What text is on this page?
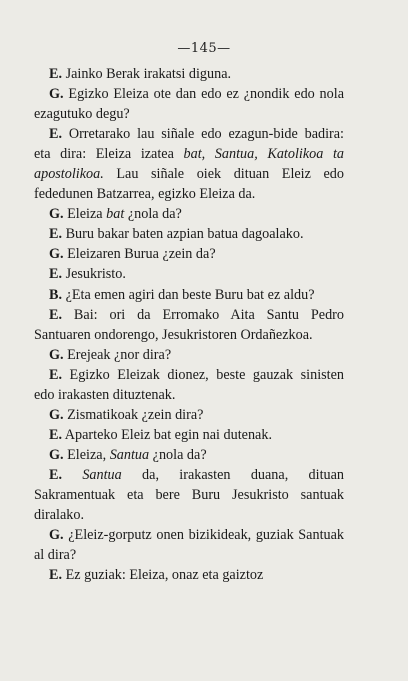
—145—

E. Jainko Berak irakatsi diguna.

G. Egizko Eleiza ote dan edo ez ¿nondik edo nola ezagutuko degu?

E. Orretarako lau siñale edo ezagun-bide badira: eta dira: Eleiza izatea bat, Santua, Katolikoa ta apostolikoa. Lau siñale oiek dituan Eleiz edo fededunen Batzarrea, egizko Eleiza da.

G. Eleiza bat ¿nola da?

E. Buru bakar baten azpian batua dagoalako.

G. Eleizaren Burua ¿zein da?

E. Jesukristo.

B. ¿Eta emen agiri dan beste Buru bat ez aldu?

E. Bai: ori da Erromako Aita Santu Pedro Santuaren ondorengo, Jesukristoren Ordañezkoa.

G. Erejeak ¿nor dira?

E. Egizko Eleizak dionez, beste gauzak sinisten edo irakasten dituztenak.

G. Zismatikoak ¿zein dira?

E. Aparteko Eleiz bat egin nai dutenak.

G. Eleiza, Santua ¿nola da?

E. Santua da, irakasten duana, dituan Sakramentuak eta bere Buru Jesukristo santuak diralako.

G. ¿Eleiz-gorputz onen bizikideak, guziak Santuak al dira?

E. Ez guziak: Eleiza, onaz eta gaiztoz
